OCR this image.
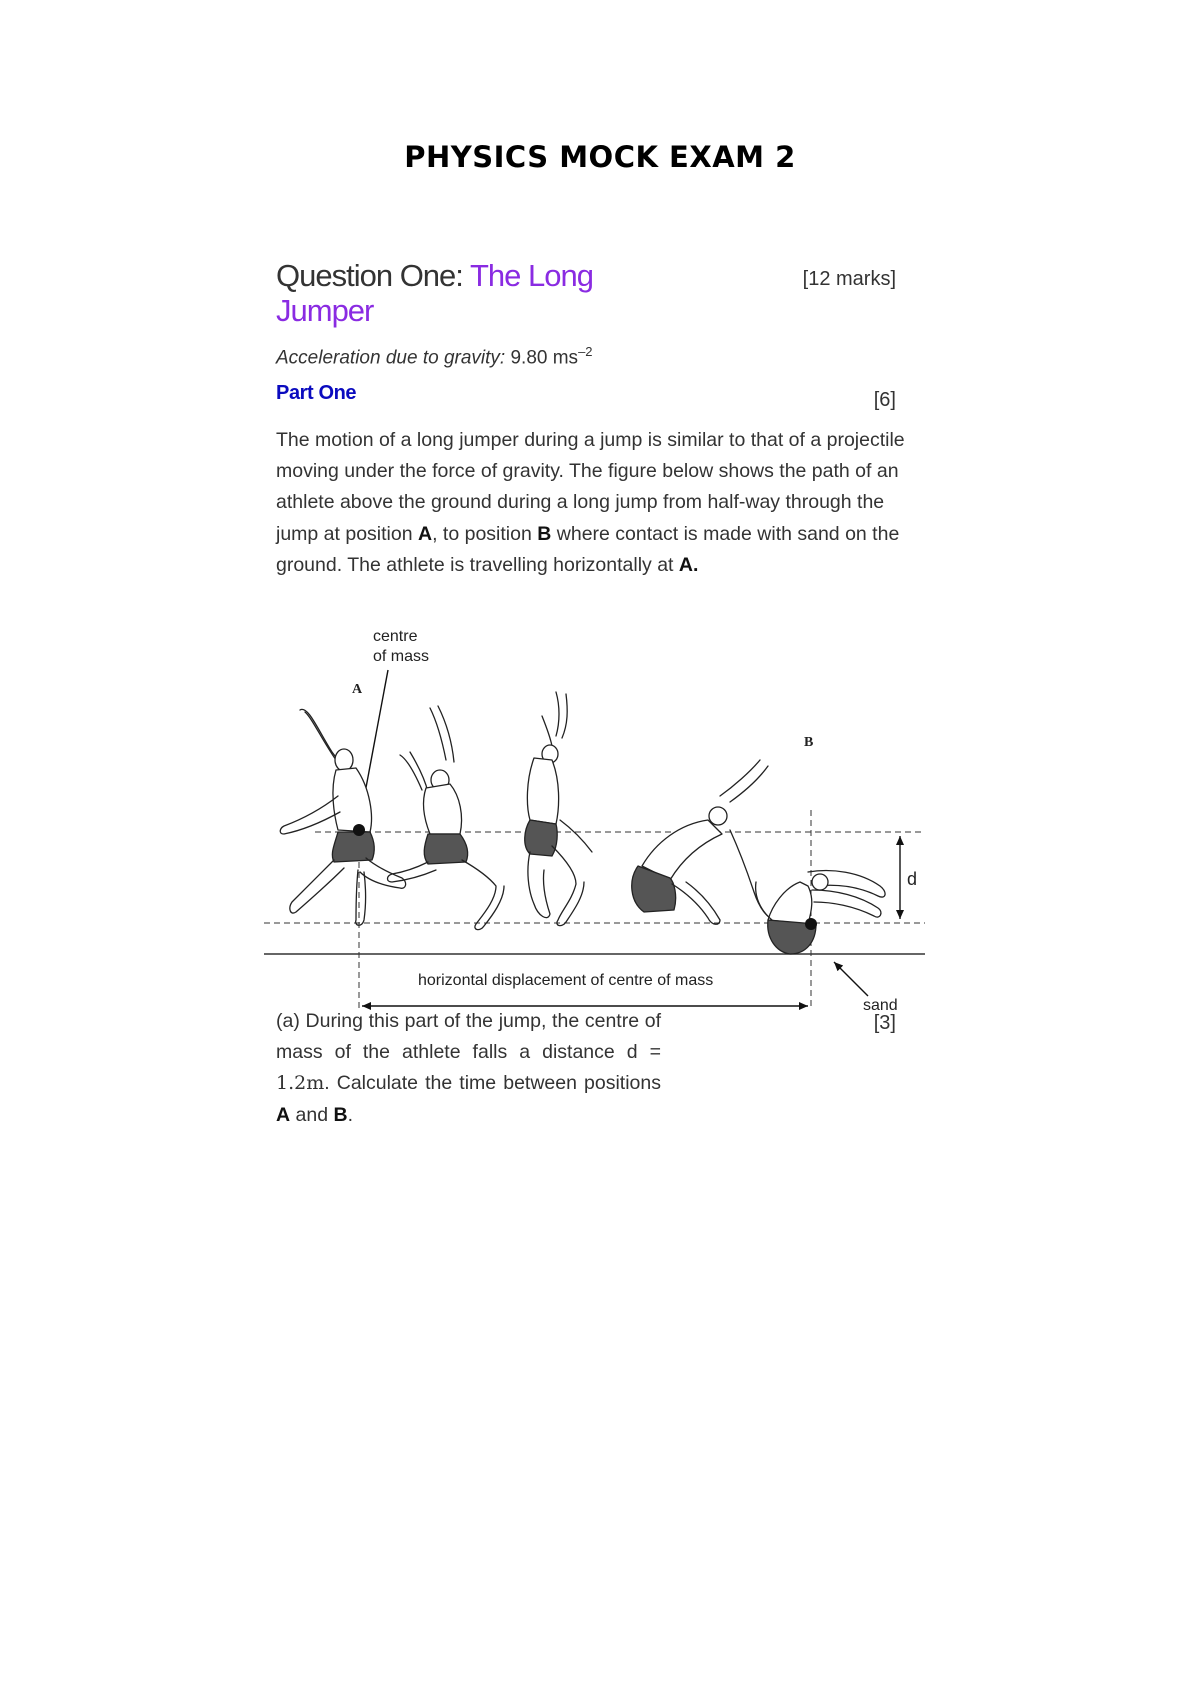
PHYSICS MOCK EXAM 2
Question One: The Long Jumper
[12 marks]
Acceleration due to gravity: 9.80 $ms^{-2}$
Part One	[6]

The motion of a long jumper during a jump is similar to that of a projectile moving under the force of gravity. The figure below shows the path of an athlete above the ground during a long jump from half-way through the jump at position A, to position B where contact is made with sand on the ground. The athlete is travelling horizontally at A.

centre
of mass
A
B
d
horizontal displacement of centre of mass
sand
[3]

(a) During this part of the jump, the centre of mass of the athlete falls a distance d = 1.2m. Calculate the time between positions A and B.
